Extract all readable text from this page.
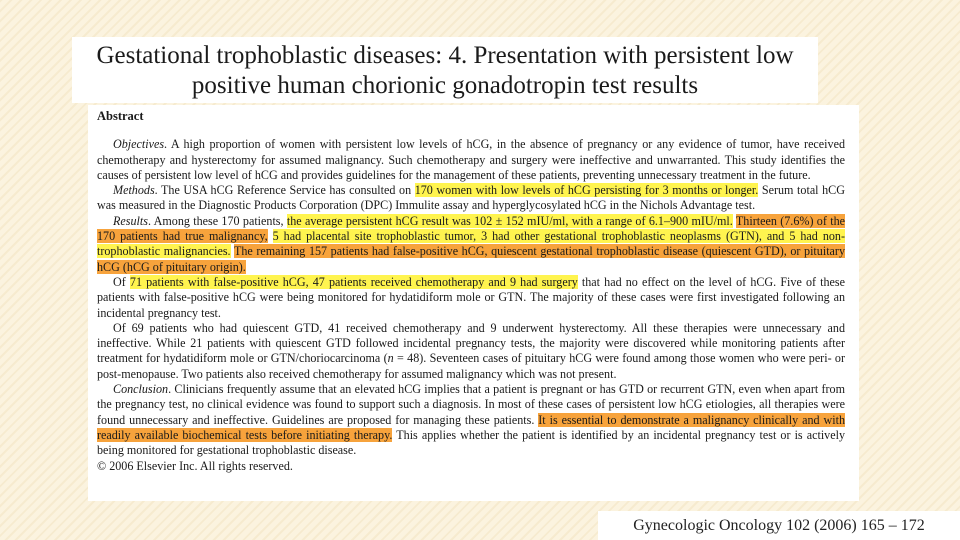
Gestational trophoblastic diseases: 4. Presentation with persistent low
positive human chorionic gonadotropin test results
Abstract

Objectives. A high proportion of women with persistent low levels of hCG, in the absence of pregnancy or any evidence of tumor, have received chemotherapy and hysterectomy for assumed malignancy. Such chemotherapy and surgery were ineffective and unwarranted. This study identifies the causes of persistent low level of hCG and provides guidelines for the management of these patients, preventing unnecessary treatment in the future.

Methods. The USA hCG Reference Service has consulted on 170 women with low levels of hCG persisting for 3 months or longer. Serum total hCG was measured in the Diagnostic Products Corporation (DPC) Immulite assay and hyperglycosylated hCG in the Nichols Advantage test.

Results. Among these 170 patients, the average persistent hCG result was 102 ± 152 mIU/ml, with a range of 6.1–900 mIU/ml. Thirteen (7.6%) of the 170 patients had true malignancy, 5 had placental site trophoblastic tumor, 3 had other gestational trophoblastic neoplasms (GTN), and 5 had non-trophoblastic malignancies. The remaining 157 patients had false-positive hCG, quiescent gestational trophoblastic disease (quiescent GTD), or pituitary hCG (hCG of pituitary origin).

Of 71 patients with false-positive hCG, 47 patients received chemotherapy and 9 had surgery that had no effect on the level of hCG. Five of these patients with false-positive hCG were being monitored for hydatidiform mole or GTN. The majority of these cases were first investigated following an incidental pregnancy test.

Of 69 patients who had quiescent GTD, 41 received chemotherapy and 9 underwent hysterectomy. All these therapies were unnecessary and ineffective. While 21 patients with quiescent GTD followed incidental pregnancy tests, the majority were discovered while monitoring patients after treatment for hydatidiform mole or GTN/choriocarcinoma (n = 48). Seventeen cases of pituitary hCG were found among those women who were peri- or post-menopause. Two patients also received chemotherapy for assumed malignancy which was not present.

Conclusion. Clinicians frequently assume that an elevated hCG implies that a patient is pregnant or has GTD or recurrent GTN, even when apart from the pregnancy test, no clinical evidence was found to support such a diagnosis. In most of these cases of persistent low hCG etiologies, all therapies were found unnecessary and ineffective. Guidelines are proposed for managing these patients. It is essential to demonstrate a malignancy clinically and with readily available biochemical tests before initiating therapy. This applies whether the patient is identified by an incidental pregnancy test or is actively being monitored for gestational trophoblastic disease.

© 2006 Elsevier Inc. All rights reserved.

Gynecologic Oncology 102 (2006) 165 – 172
